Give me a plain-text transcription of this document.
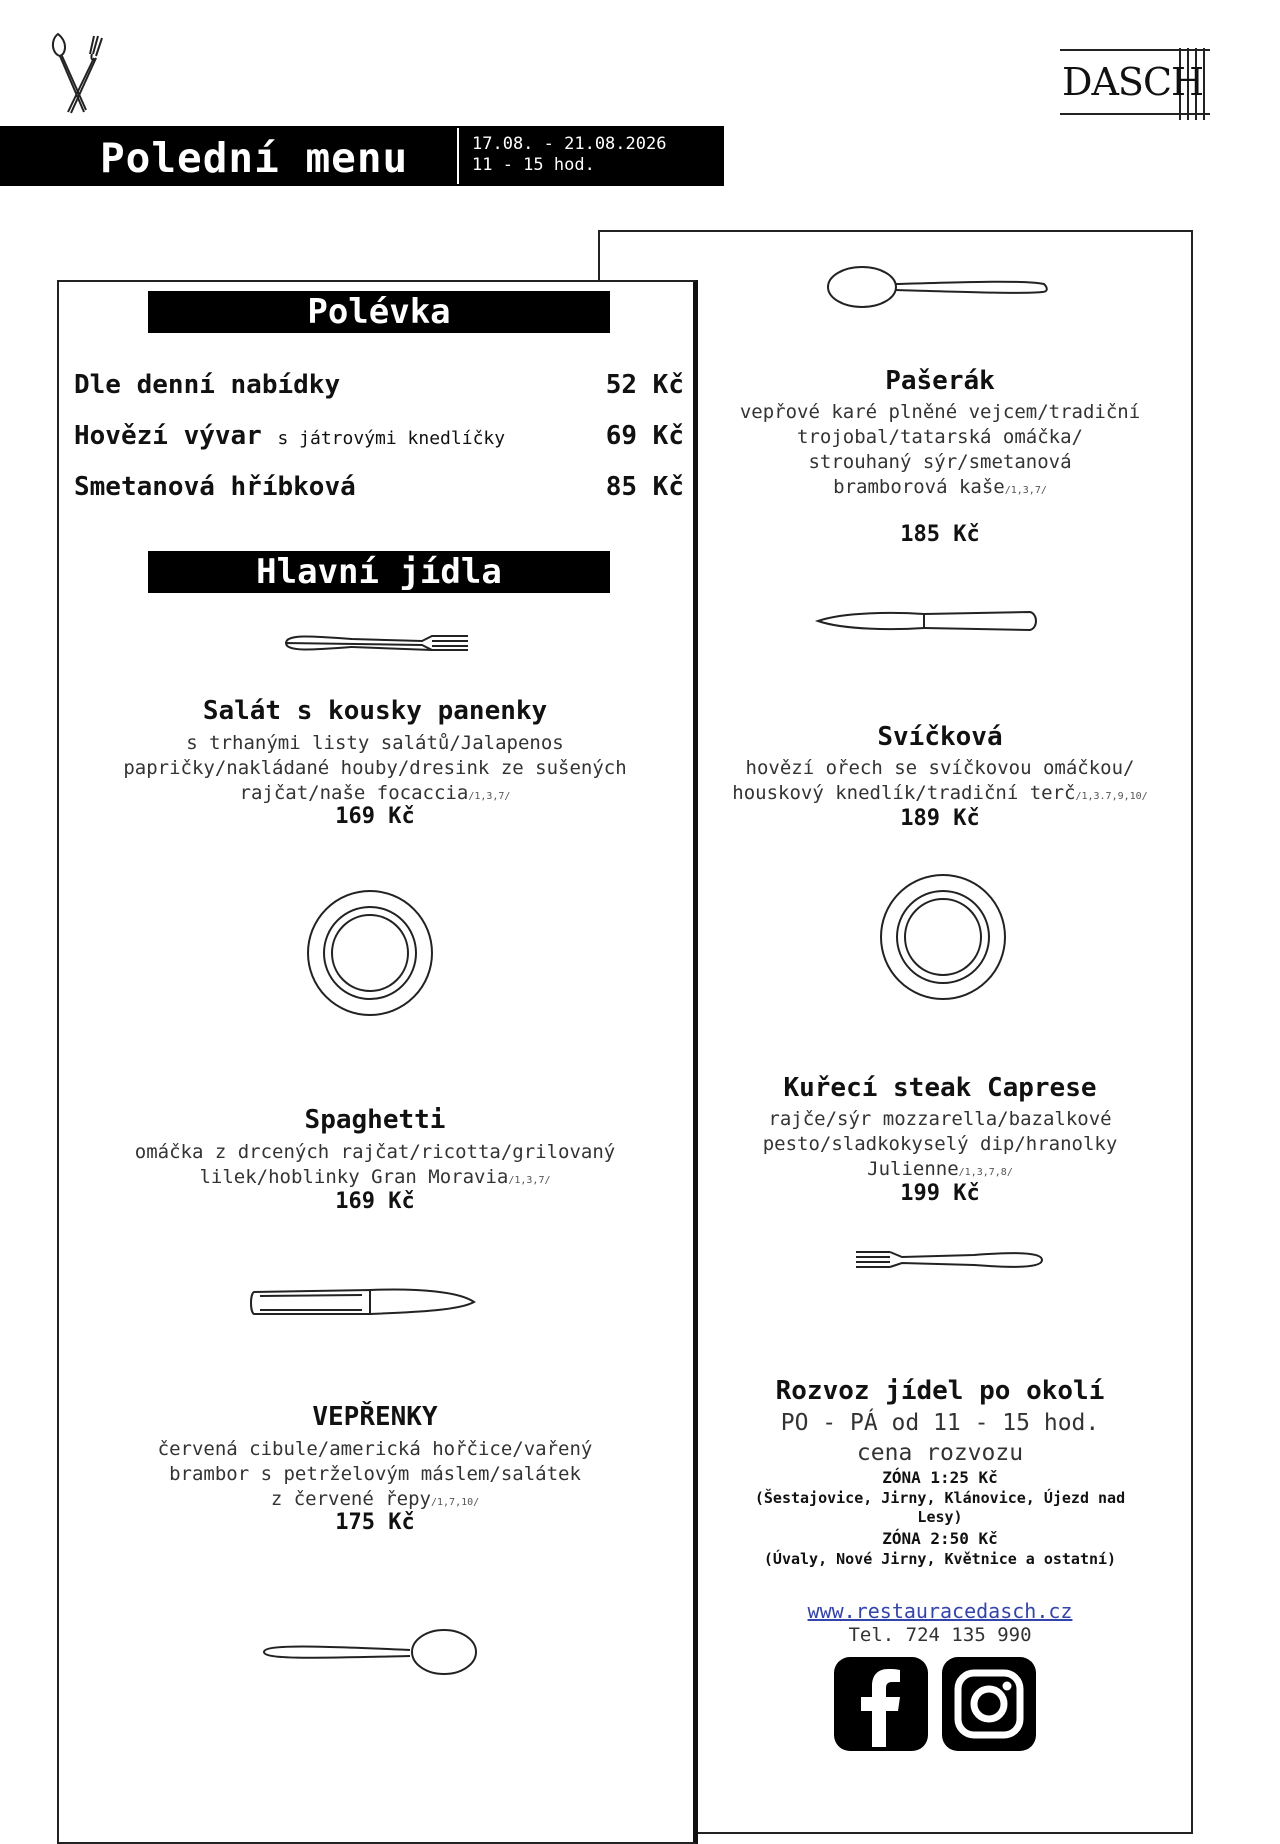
DASCH
Polední menu	17.08. - 21.08.2026
11 - 15 hod.
Polévka
Dle denní nabídky	52 Kč
Hovězí vývar s játrovými knedlíčky	69 Kč
Smetanová hříbková	85 Kč
Hlavní jídla
Salát s kousky panenky
s trhanými listy salátů/Jalapenos
papričky/nakládané houby/dresink ze sušených
rajčat/naše focaccia/1,3,7/
169 Kč
Spaghetti
omáčka z drcených rajčat/ricotta/grilovaný
lilek/hoblinky Gran Moravia/1,3,7/
169 Kč
VEPŘENKY
červená cibule/americká hořčice/vařený
brambor s petrželovým máslem/salátek
z červené řepy/1,7,10/
175 Kč
Pašerák
vepřové karé plněné vejcem/tradiční
trojobal/tatarská omáčka/
strouhaný sýr/smetanová
bramborová kaše/1,3,7/
185 Kč
Svíčková
hovězí ořech se svíčkovou omáčkou/
houskový knedlík/tradiční terč/1,3.7,9,10/
189 Kč
Kuřecí steak Caprese
rajče/sýr mozzarella/bazalkové
pesto/sladkokyselý dip/hranolky
Julienne/1,3,7,8/
199 Kč
Rozvoz jídel po okolí
PO - PÁ od 11 - 15 hod.
cena rozvozu
ZÓNA 1:25 Kč
(Šestajovice, Jirny, Klánovice, Újezd nad
Lesy)
ZÓNA 2:50 Kč
(Úvaly, Nové Jirny, Květnice a ostatní)
www.restauracedasch.cz
Tel. 724 135 990
